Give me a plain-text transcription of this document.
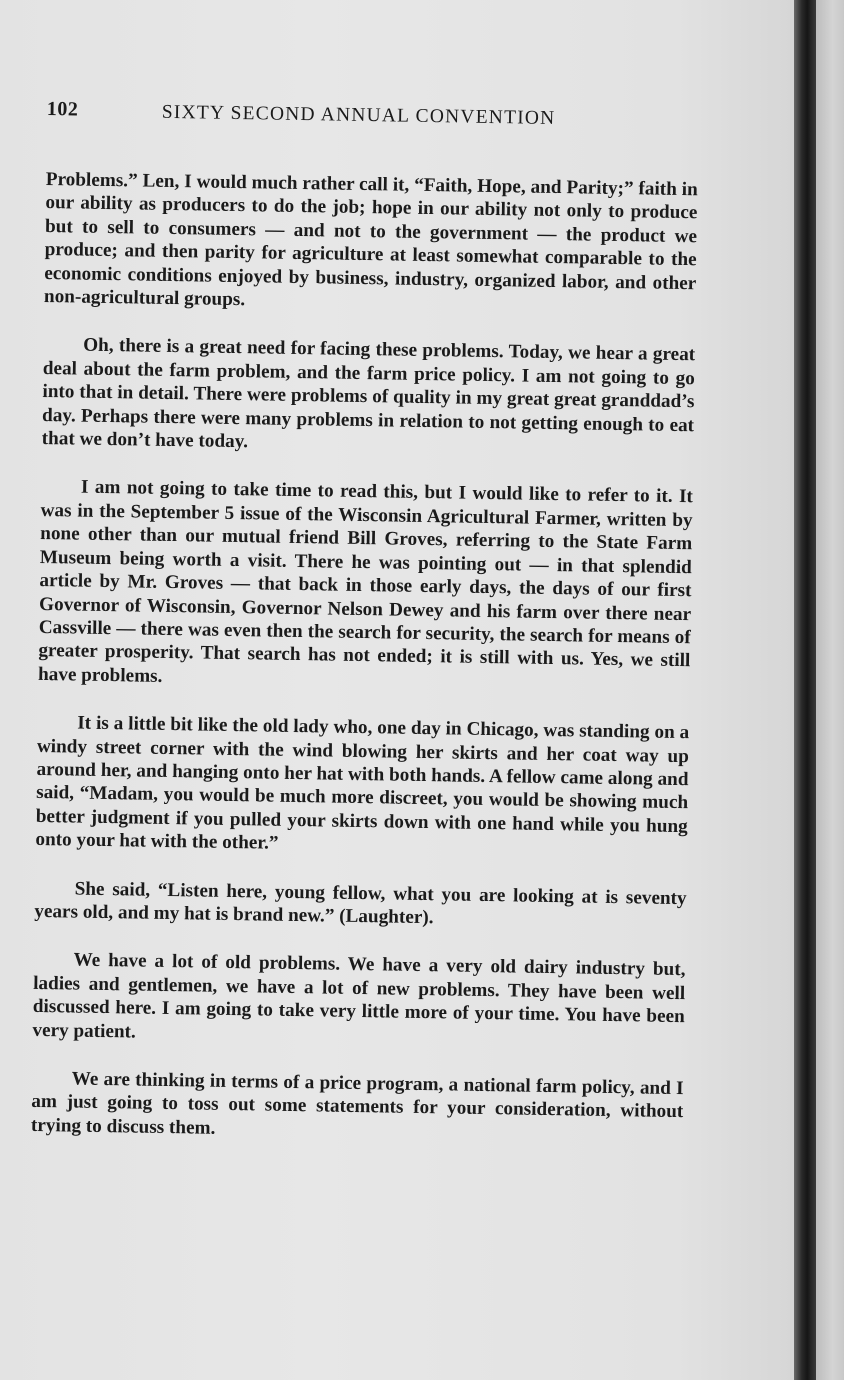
102	SIXTY SECOND ANNUAL CONVENTION

Problems.” Len, I would much rather call it, “Faith, Hope, and Parity;” faith in our ability as producers to do the job; hope in our ability not only to produce but to sell to consumers — and not to the government — the product we produce; and then parity for agriculture at least somewhat comparable to the economic conditions enjoyed by business, industry, organized labor, and other non-agricultural groups.

Oh, there is a great need for facing these problems. Today, we hear a great deal about the farm problem, and the farm price policy. I am not going to go into that in detail. There were problems of quality in my great great granddad’s day. Perhaps there were many problems in relation to not getting enough to eat that we don’t have today.

I am not going to take time to read this, but I would like to refer to it. It was in the September 5 issue of the Wisconsin Agricultural Farmer, written by none other than our mutual friend Bill Groves, referring to the State Farm Museum being worth a visit. There he was pointing out — in that splendid article by Mr. Groves — that back in those early days, the days of our first Governor of Wisconsin, Governor Nelson Dewey and his farm over there near Cassville — there was even then the search for security, the search for means of greater prosperity. That search has not ended; it is still with us. Yes, we still have problems.

It is a little bit like the old lady who, one day in Chicago, was standing on a windy street corner with the wind blowing her skirts and her coat way up around her, and hanging onto her hat with both hands. A fellow came along and said, “Madam, you would be much more discreet, you would be showing much better judgment if you pulled your skirts down with one hand while you hung onto your hat with the other.”

She said, “Listen here, young fellow, what you are looking at is seventy years old, and my hat is brand new.” (Laughter).

We have a lot of old problems. We have a very old dairy industry but, ladies and gentlemen, we have a lot of new problems. They have been well discussed here. I am going to take very little more of your time. You have been very patient.

We are thinking in terms of a price program, a national farm policy, and I am just going to toss out some statements for your consideration, without trying to discuss them.
